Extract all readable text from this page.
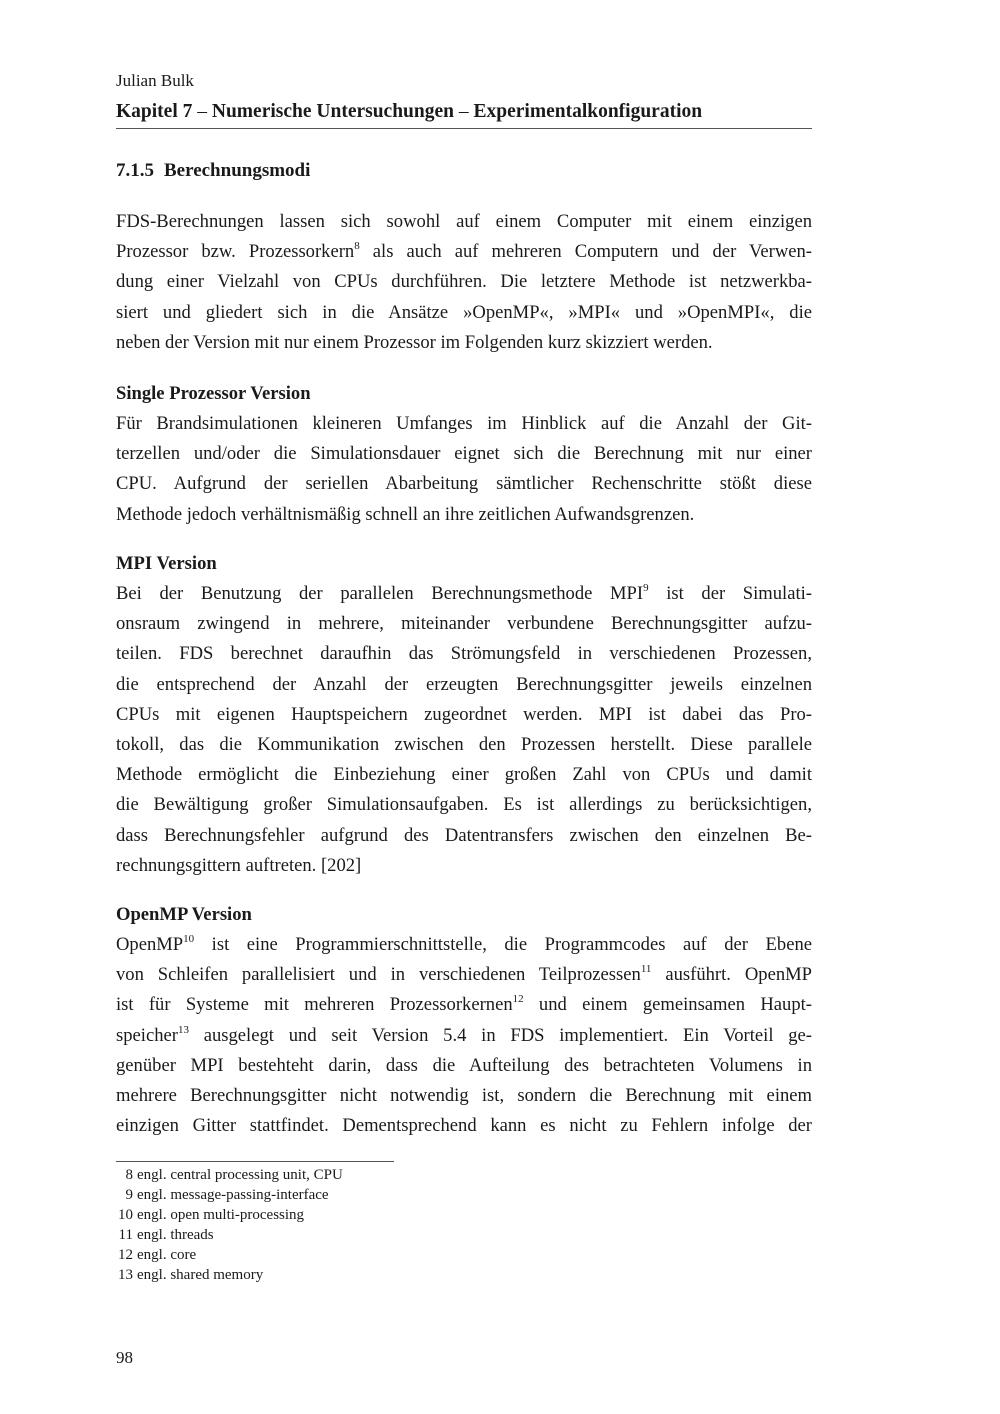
Julian Bulk
Kapitel 7 – Numerische Untersuchungen – Experimentalkonfiguration
7.1.5 Berechnungsmodi
FDS-Berechnungen lassen sich sowohl auf einem Computer mit einem einzigen
Prozessor bzw. Prozessorkern$^8$ als auch auf mehreren Computern und der Verwen-
dung einer Vielzahl von CPUs durchführen. Die letztere Methode ist netzwerkba-
siert und gliedert sich in die Ansätze »OpenMP«, »MPI« und »OpenMPI«, die
neben der Version mit nur einem Prozessor im Folgenden kurz skizziert werden.
Single Prozessor Version
Für Brandsimulationen kleineren Umfanges im Hinblick auf die Anzahl der Git-
terzellen und/oder die Simulationsdauer eignet sich die Berechnung mit nur einer
CPU. Aufgrund der seriellen Abarbeitung sämtlicher Rechenschritte stößt diese
Methode jedoch verhältnismäßig schnell an ihre zeitlichen Aufwandsgrenzen.
MPI Version
Bei der Benutzung der parallelen Berechnungsmethode MPI$^9$ ist der Simulati-
onsraum zwingend in mehrere, miteinander verbundene Berechnungsgitter aufzu-
teilen. FDS berechnet daraufhin das Strömungsfeld in verschiedenen Prozessen,
die entsprechend der Anzahl der erzeugten Berechnungsgitter jeweils einzelnen
CPUs mit eigenen Hauptspeichern zugeordnet werden. MPI ist dabei das Pro-
tokoll, das die Kommunikation zwischen den Prozessen herstellt. Diese parallele
Methode ermöglicht die Einbeziehung einer großen Zahl von CPUs und damit
die Bewältigung großer Simulationsaufgaben. Es ist allerdings zu berücksichtigen,
dass Berechnungsfehler aufgrund des Datentransfers zwischen den einzelnen Be-
rechnungsgittern auftreten. [202]
OpenMP Version
OpenMP$^{10}$ ist eine Programmierschnittstelle, die Programmcodes auf der Ebene
von Schleifen parallelisiert und in verschiedenen Teilprozessen$^{11}$ ausführt. OpenMP
ist für Systeme mit mehreren Prozessorkernen$^{12}$ und einem gemeinsamen Haupt-
speicher$^{13}$ ausgelegt und seit Version 5.4 in FDS implementiert. Ein Vorteil ge-
genüber MPI bestehteht darin, dass die Aufteilung des betrachteten Volumens in
mehrere Berechnungsgitter nicht notwendig ist, sondern die Berechnung mit einem
einzigen Gitter stattfindet. Dementsprechend kann es nicht zu Fehlern infolge der
8 engl. central processing unit, CPU
9 engl. message-passing-interface
10 engl. open multi-processing
11 engl. threads
12 engl. core
13 engl. shared memory
98
